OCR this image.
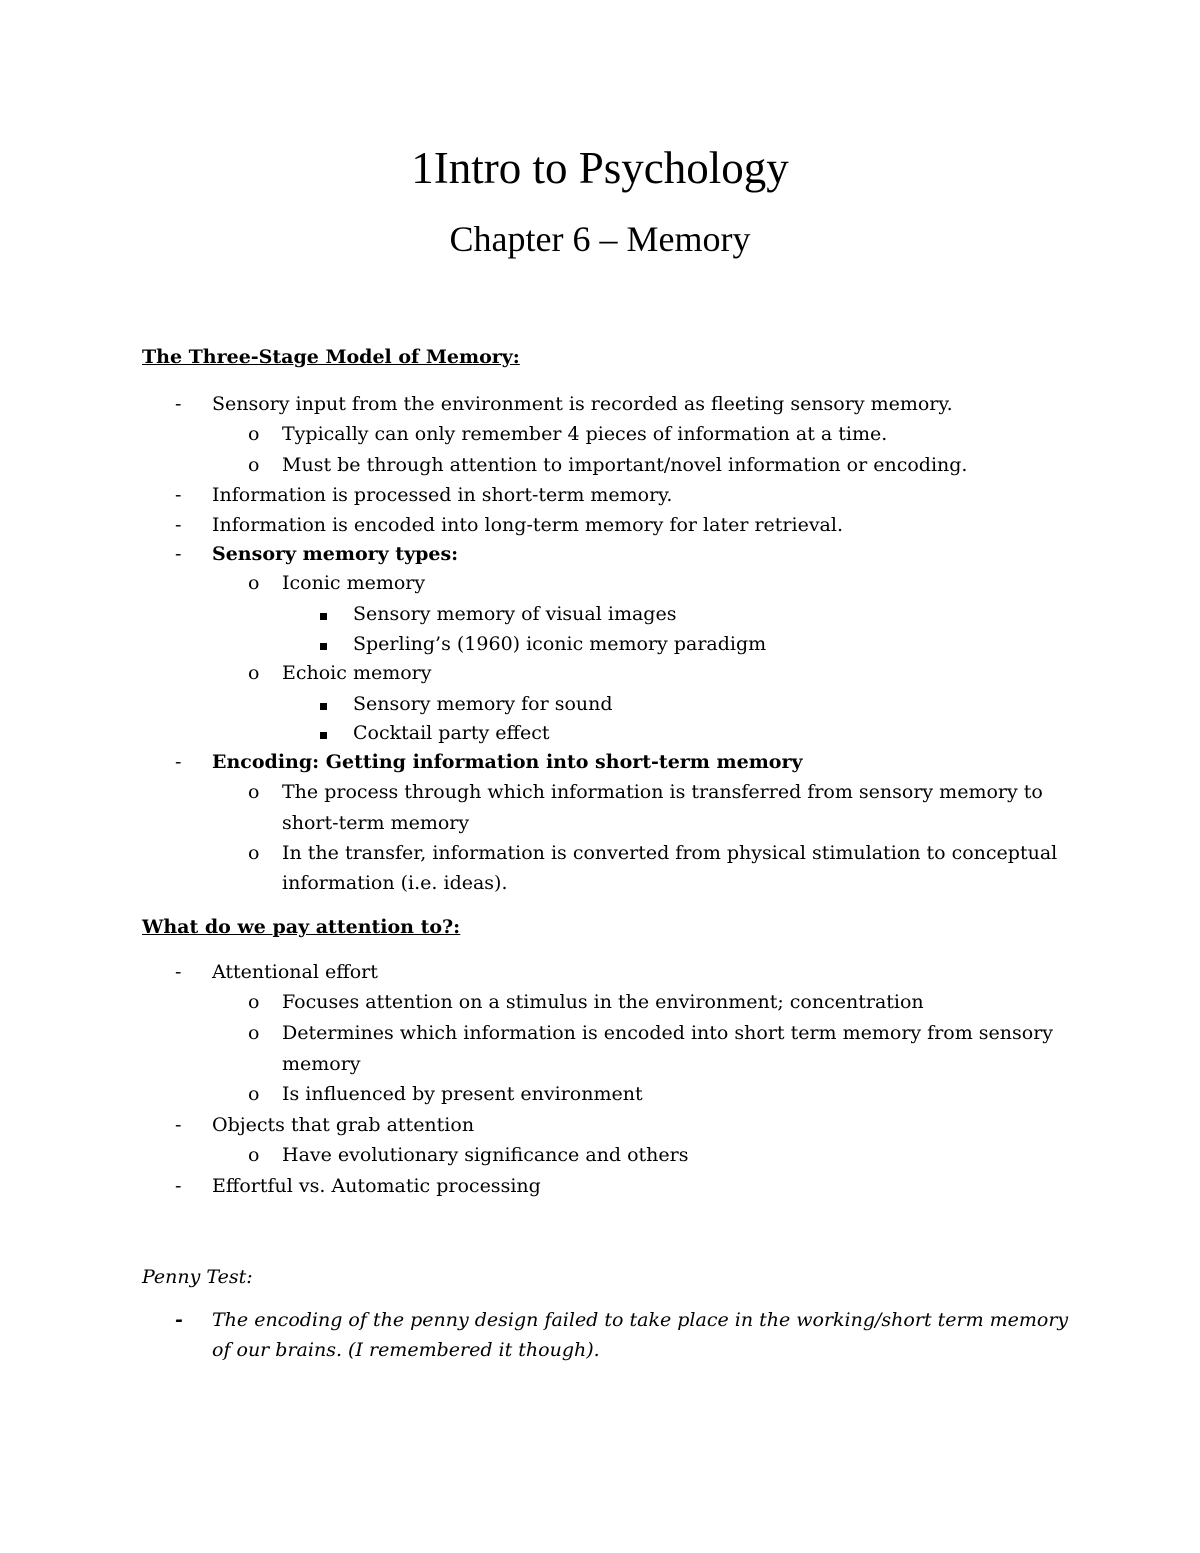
1Intro to Psychology
Chapter 6 – Memory

The Three-Stage Model of Memory:

- Sensory input from the environment is recorded as fleeting sensory memory.
o Typically can only remember 4 pieces of information at a time.
o Must be through attention to important/novel information or encoding.
- Information is processed in short-term memory.
- Information is encoded into long-term memory for later retrieval.
- Sensory memory types:
o Iconic memory
Sensory memory of visual images
Sperling’s (1960) iconic memory paradigm
o Echoic memory
Sensory memory for sound
Cocktail party effect
- Encoding: Getting information into short-term memory
o The process through which information is transferred from sensory memory to
short-term memory
o In the transfer, information is converted from physical stimulation to conceptual
information (i.e. ideas).

What do we pay attention to?:

- Attentional effort
o Focuses attention on a stimulus in the environment; concentration
o Determines which information is encoded into short term memory from sensory
memory
o Is influenced by present environment
- Objects that grab attention
o Have evolutionary significance and others
- Effortful vs. Automatic processing

Penny Test:

- The encoding of the penny design failed to take place in the working/short term memory
of our brains. (I remembered it though).
